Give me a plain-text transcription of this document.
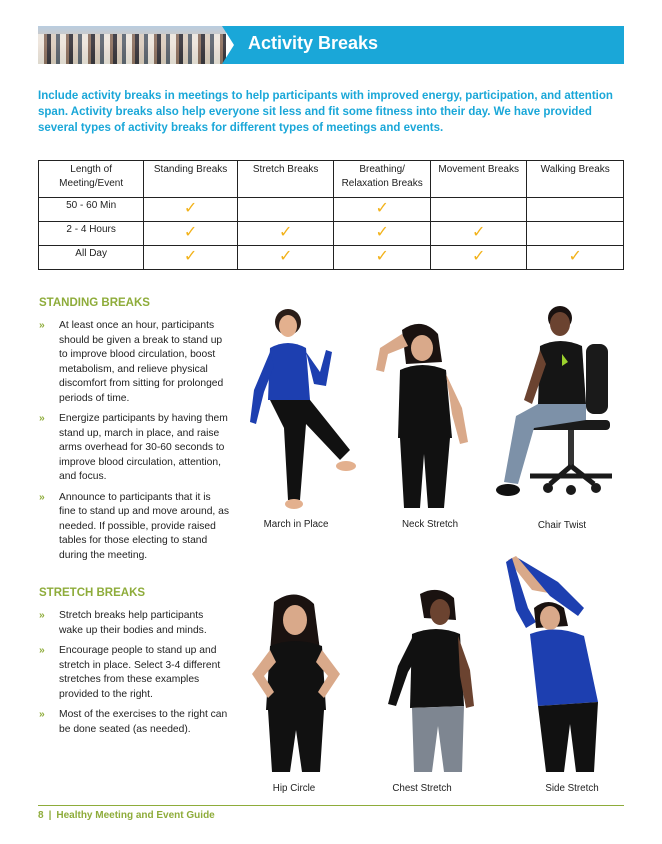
Activity Breaks
Include activity breaks in meetings to help participants with improved energy, participation, and attention span. Activity breaks also help everyone sit less and fit some fitness into their day. We have provided several types of activity breaks for different types of meetings and events.
Length of Meeting/Event	Standing Breaks	Stretch Breaks	Breathing/ Relaxation Breaks	Movement Breaks	Walking Breaks
50 - 60 Min	✓		✓		
2 - 4 Hours	✓	✓	✓	✓	
All Day	✓	✓	✓	✓	✓
STANDING BREAKS
» At least once an hour, participants should be given a break to stand up to improve blood circulation, boost metabolism, and relieve physical discomfort from sitting for prolonged periods of time.
» Energize participants by having them stand up, march in place, and raise arms overhead for 30-60 seconds to improve blood circulation, attention, and focus.
» Announce to participants that it is fine to stand up and move around, as needed. If possible, provide raised tables for those electing to stand during the meeting.
STRETCH BREAKS
» Stretch breaks help participants wake up their bodies and minds.
» Encourage people to stand up and stretch in place. Select 3-4 different stretches from these examples provided to the right.
» Most of the exercises to the right can be done seated (as needed).
March in Place	Neck Stretch	Chair Twist
Hip Circle	Chest Stretch	Side Stretch
8 | Healthy Meeting and Event Guide
